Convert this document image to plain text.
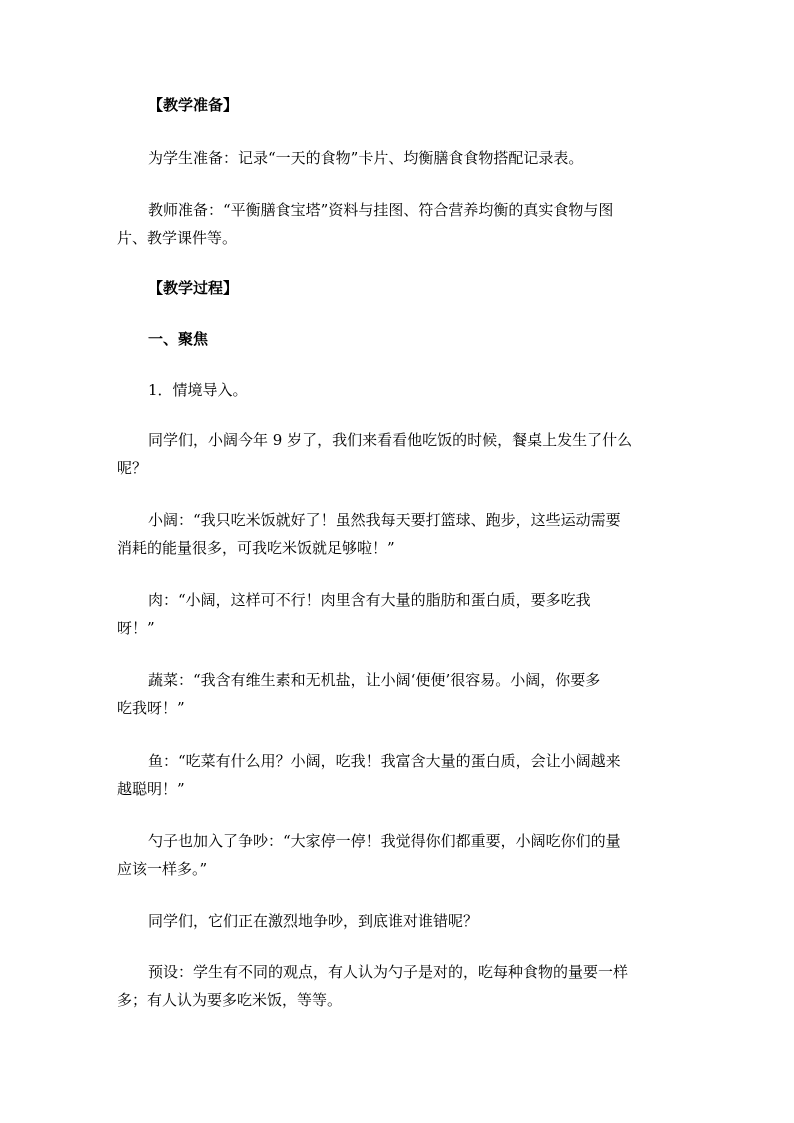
【教学准备】
为学生准备：记录“一天的食物”卡片、均衡膳食食物搭配记录表。
教师准备：“平衡膳食宝塔”资料与挂图、符合营养均衡的真实食物与图
片、教学课件等。
【教学过程】
一、聚焦
1．情境导入。
同学们，小阔今年 9 岁了，我们来看看他吃饭的时候，餐桌上发生了什么
呢？
小阔：“我只吃米饭就好了！虽然我每天要打篮球、跑步，这些运动需要
消耗的能量很多，可我吃米饭就足够啦！”
肉：“小阔，这样可不行！肉里含有大量的脂肪和蛋白质，要多吃我
呀！”
蔬菜：“我含有维生素和无机盐，让小阔‘便便’很容易。小阔，你要多
吃我呀！”
鱼：“吃菜有什么用？小阔，吃我！我富含大量的蛋白质，会让小阔越来
越聪明！”
勺子也加入了争吵：“大家停一停！我觉得你们都重要，小阔吃你们的量
应该一样多。”
同学们，它们正在激烈地争吵，到底谁对谁错呢？
预设：学生有不同的观点，有人认为勺子是对的，吃每种食物的量要一样
多；有人认为要多吃米饭，等等。
